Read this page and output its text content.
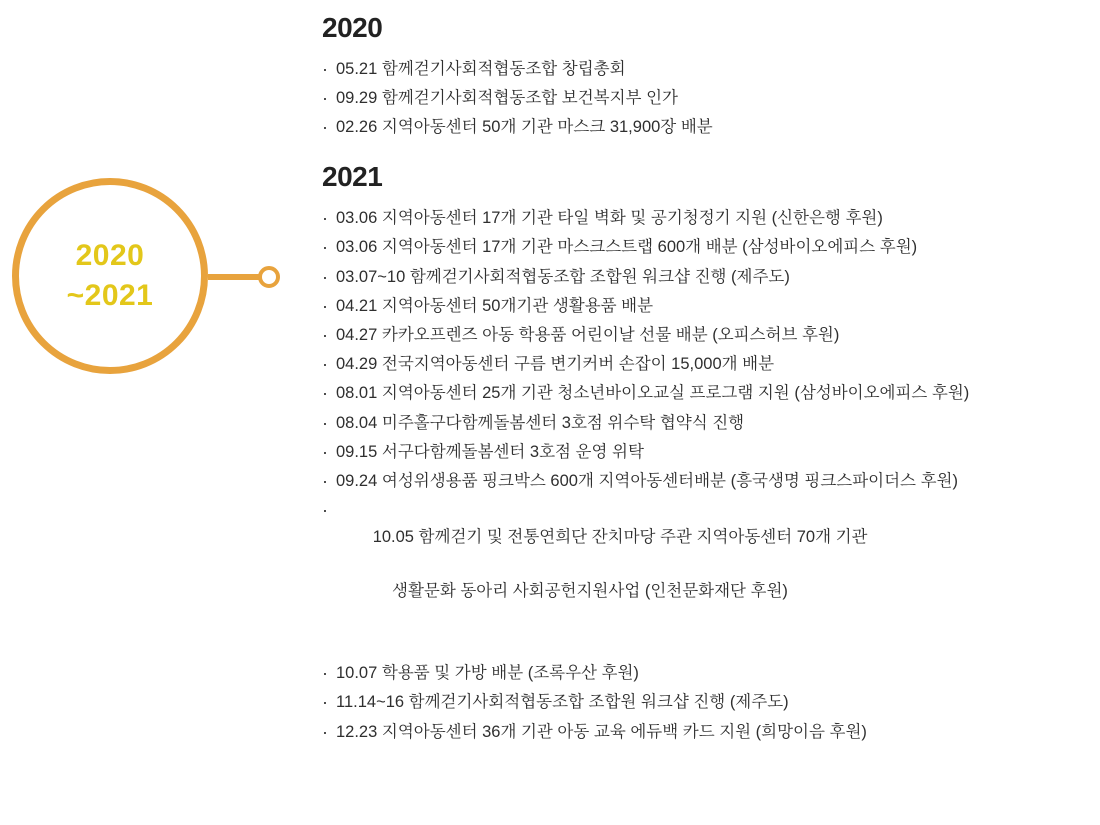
2020
~2021
2020
· 05.21 함께걷기사회적협동조합 창립총회
· 09.29 함께걷기사회적협동조합 보건복지부 인가
· 02.26 지역아동센터 50개 기관 마스크 31,900장 배분
2021
· 03.06 지역아동센터 17개 기관 타일 벽화 및 공기청정기 지원 (신한은행 후원)
· 03.06 지역아동센터 17개 기관 마스크스트랩 600개 배분 (삼성바이오에피스 후원)
· 03.07~10 함께걷기사회적협동조합 조합원 워크샵 진행 (제주도)
· 04.21 지역아동센터 50개기관 생활용품 배분
· 04.27 카카오프렌즈 아동 학용품 어린이날 선물 배분 (오피스허브 후원)
· 04.29 전국지역아동센터 구름 변기커버 손잡이 15,000개 배분
· 08.01 지역아동센터 25개 기관 청소년바이오교실 프로그램 지원 (삼성바이오에피스 후원)
· 08.04 미주홀구다함께돌봄센터 3호점 위수탁 협약식 진행
· 09.15 서구다함께돌봄센터 3호점 운영 위탁
· 09.24 여성위생용품 핑크박스 600개 지역아동센터배분 (흥국생명 핑크스파이더스 후원)

· 10.05 함께걷기 및 전통연희단 잔치마당 주관 지역아동센터 70개 기관

생활문화 동아리 사회공헌지원사업 (인천문화재단 후원)

· 10.07 학용품 및 가방 배분 (조록우산 후원)
· 11.14~16 함께걷기사회적협동조합 조합원 워크샵 진행 (제주도)
· 12.23 지역아동센터 36개 기관 아동 교육 에듀백 카드 지원 (희망이음 후원)
